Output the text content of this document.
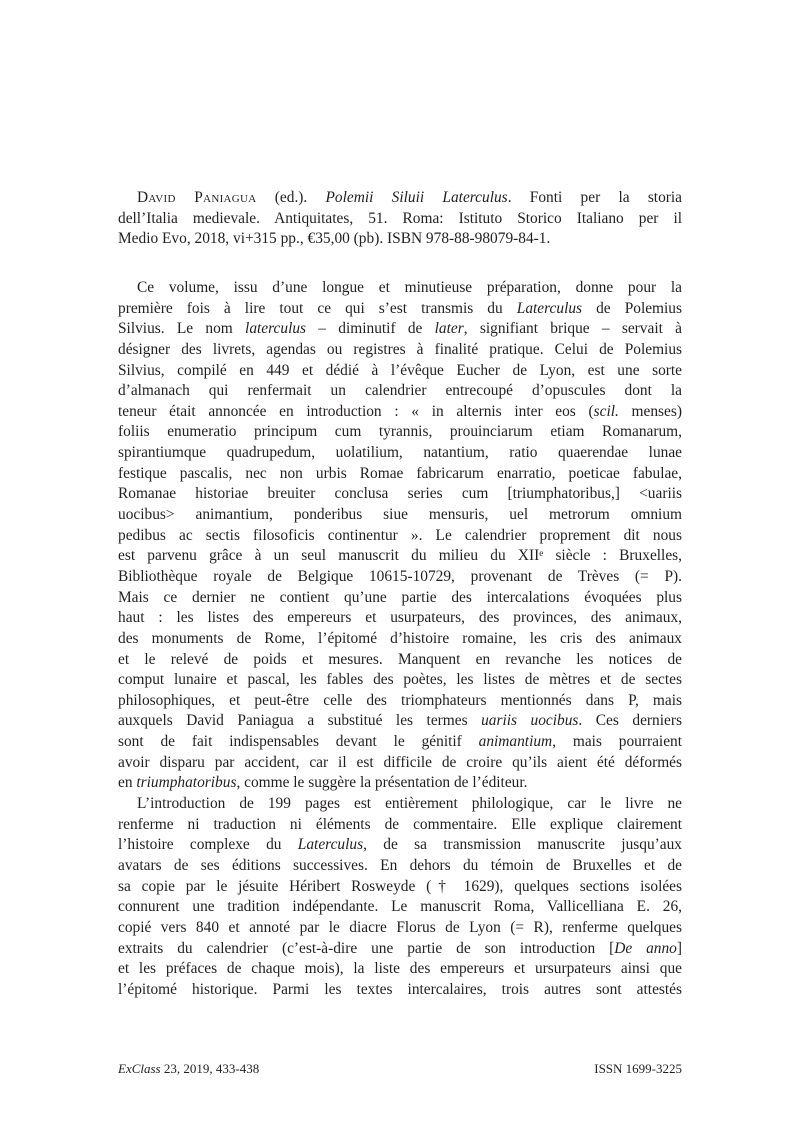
David Paniagua (ed.). Polemii Siluii Laterculus. Fonti per la storia
dell’Italia medievale. Antiquitates, 51. Roma: Istituto Storico Italiano per il
Medio Evo, 2018, vi+315 pp., €35,00 (pb). ISBN 978-88-98079-84-1.
Ce volume, issu d’une longue et minutieuse préparation, donne pour la
première fois à lire tout ce qui s’est transmis du Laterculus de Polemius
Silvius. Le nom laterculus – diminutif de later, signifiant brique – servait à
désigner des livrets, agendas ou registres à finalité pratique. Celui de Polemius
Silvius, compilé en 449 et dédié à l’évêque Eucher de Lyon, est une sorte
d’almanach qui renfermait un calendrier entrecoupé d’opuscules dont la
teneur était annoncée en introduction : « in alternis inter eos (scil. menses)
foliis enumeratio principum cum tyrannis, prouinciarum etiam Romanarum,
spirantiumque quadrupedum, uolatilium, natantium, ratio quaerendae lunae
festique pascalis, nec non urbis Romae fabricarum enarratio, poeticae fabulae,
Romanae historiae breuiter conclusa series cum [triumphatoribus,] <uariis
uocibus> animantium, ponderibus siue mensuris, uel metrorum omnium
pedibus ac sectis filosoficis continentur ». Le calendrier proprement dit nous
est parvenu grâce à un seul manuscrit du milieu du XIIe siècle : Bruxelles,
Bibliothèque royale de Belgique 10615-10729, provenant de Trèves (= P).
Mais ce dernier ne contient qu’une partie des intercalations évoquées plus
haut : les listes des empereurs et usurpateurs, des provinces, des animaux,
des monuments de Rome, l’épitomé d’histoire romaine, les cris des animaux
et le relevé de poids et mesures. Manquent en revanche les notices de
comput lunaire et pascal, les fables des poètes, les listes de mètres et de sectes
philosophiques, et peut-être celle des triomphateurs mentionnés dans P, mais
auxquels David Paniagua a substitué les termes uariis uocibus. Ces derniers
sont de fait indispensables devant le génitif animantium, mais pourraient
avoir disparu par accident, car il est difficile de croire qu’ils aient été déformés
en triumphatoribus, comme le suggère la présentation de l’éditeur.
L’introduction de 199 pages est entièrement philologique, car le livre ne
renferme ni traduction ni éléments de commentaire. Elle explique clairement
l’histoire complexe du Laterculus, de sa transmission manuscrite jusqu’aux
avatars de ses éditions successives. En dehors du témoin de Bruxelles et de
sa copie par le jésuite Héribert Rosweyde († 1629), quelques sections isolées
connurent une tradition indépendante. Le manuscrit Roma, Vallicelliana E. 26,
copié vers 840 et annoté par le diacre Florus de Lyon (= R), renferme quelques
extraits du calendrier (c’est-à-dire une partie de son introduction [De anno]
et les préfaces de chaque mois), la liste des empereurs et ursurpateurs ainsi que
l’épitomé historique. Parmi les textes intercalaires, trois autres sont attestés
ExClass 23, 2019, 433-438	ISSN 1699-3225
